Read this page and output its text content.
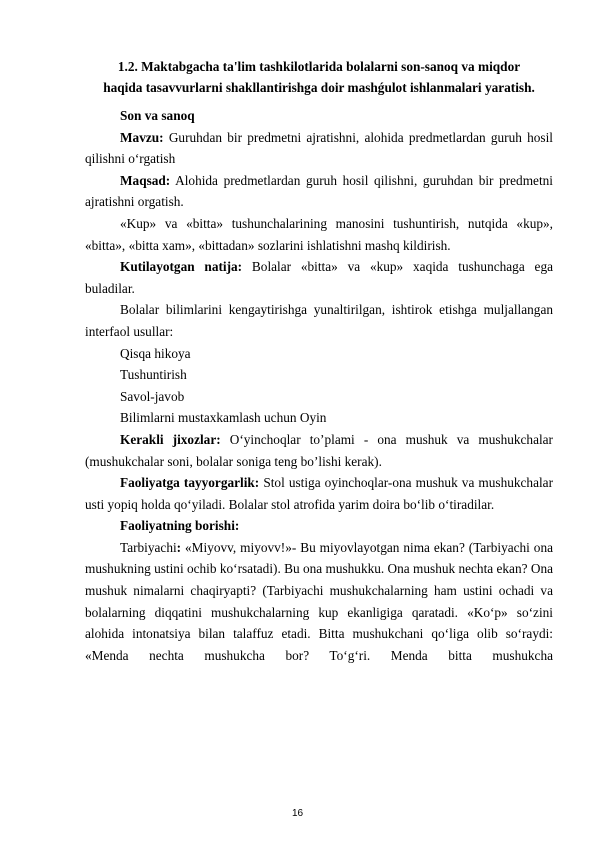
1.2. Maktabgacha ta'lim tashkilotlarida bolalarni son-sanoq va miqdor
haqida tasavvurlarni shakllantirishga doir mashǵulot ishlanmalari yaratish.

Son va sanoq

Mavzu: Guruhdan bir predmetni ajratishni, alohida predmetlardan guruh hosil qilishni o‘rgatish

Maqsad: Alohida predmetlardan guruh hosil qilishni, guruhdan bir predmetni ajratishni orgatish.

«Kup» va «bitta» tushunchalarining manosini tushuntirish, nutqida «kup», «bitta», «bitta xam», «bittadan» sozlarini ishlatishni mashq kildirish.

Kutilayotgan natija: Bolalar «bitta» va «kup» xaqida tushunchaga ega buladilar.

Bolalar bilimlarini kengaytirishga yunaltirilgan, ishtirok etishga muljallangan interfaol usullar:

Qisqa hikoya

Tushuntirish

Savol-javob

Bilimlarni mustaxkamlash uchun Oyin

Kerakli jixozlar: O‘yinchoqlar to’plami - ona mushuk va mushukchalar (mushukchalar soni, bolalar soniga teng bo’lishi kerak).

Faoliyatga tayyorgarlik: Stol ustiga oyinchoqlar-ona mushuk va mushukchalar usti yopiq holda qo‘yiladi. Bolalar stol atrofida yarim doira bo‘lib o‘tiradilar.

Faoliyatning borishi:

Tarbiyachi: «Miyovv, miyovv!»- Bu miyovlayotgan nima ekan? (Tarbiyachi ona mushukning ustini ochib ko‘rsatadi). Bu ona mushukku. Ona mushuk nechta ekan? Ona mushuk nimalarni chaqiryapti? (Tarbiyachi mushukchalarning ham ustini ochadi va bolalarning diqqatini mushukchalarning kup ekanligiga qaratadi. «Ko‘p» so‘zini alohida intonatsiya bilan talaffuz etadi. Bitta mushukchani qo‘liga olib so‘raydi: «Menda nechta mushukcha bor? To‘g‘ri. Menda bitta mushukcha

16
